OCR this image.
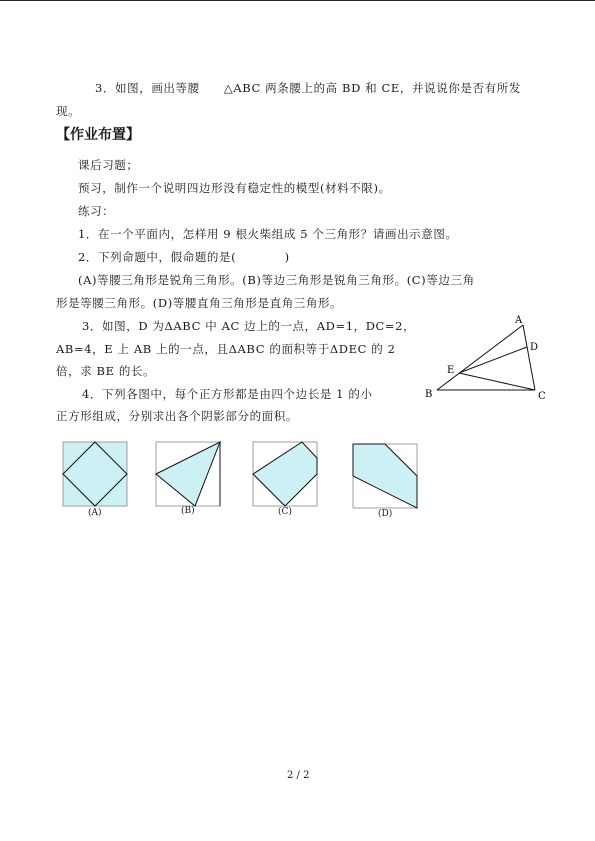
3．如图，画出等腰　　△ABC 两条腰上的高 BD 和 CE，并说说你是否有所发
现。
【作业布置】
课后习题；
预习，制作一个说明四边形没有稳定性的模型(材料不限)。
练习：
1．在一个平面内，怎样用 9 根火柴组成 5 个三角形？请画出示意图。
2．下列命题中，假命题的是(　　　　)
(A)等腰三角形是锐角三角形。(B)等边三角形是锐角三角形。(C)等边三角
形是等腰三角形。(D)等腰直角三角形是直角三角形。
3．如图，D 为ΔABC 中 AC 边上的一点，AD=1，DC=2，
AB=4，E 上 AB 上的一点，且ΔABC 的面积等于ΔDEC 的 2
倍，求 BE 的长。
4．下列各图中，每个正方形都是由四个边长是 1 的小
正方形组成，分别求出各个阴影部分的面积。
A
D
E
B	C
(A)	(B)	(C)	(D)
2 / 2
